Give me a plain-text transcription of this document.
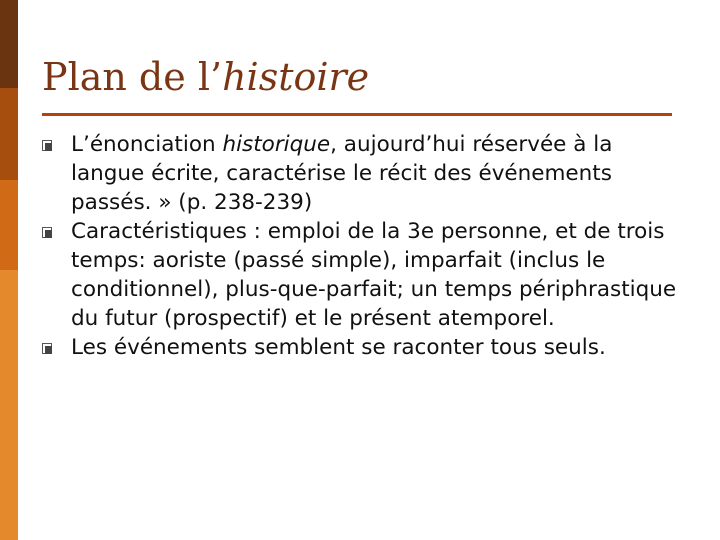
Plan de l’histoire
L’énonciation historique, aujourd’hui réservée à la langue écrite, caractérise le récit des événements passés. » (p. 238-239)
Caractéristiques : emploi de la 3e personne, et de trois temps: aoriste (passé simple), imparfait (inclus le conditionnel), plus-que-parfait; un temps périphrastique du futur (prospectif) et le présent atemporel.
Les événements semblent se raconter tous seuls.
